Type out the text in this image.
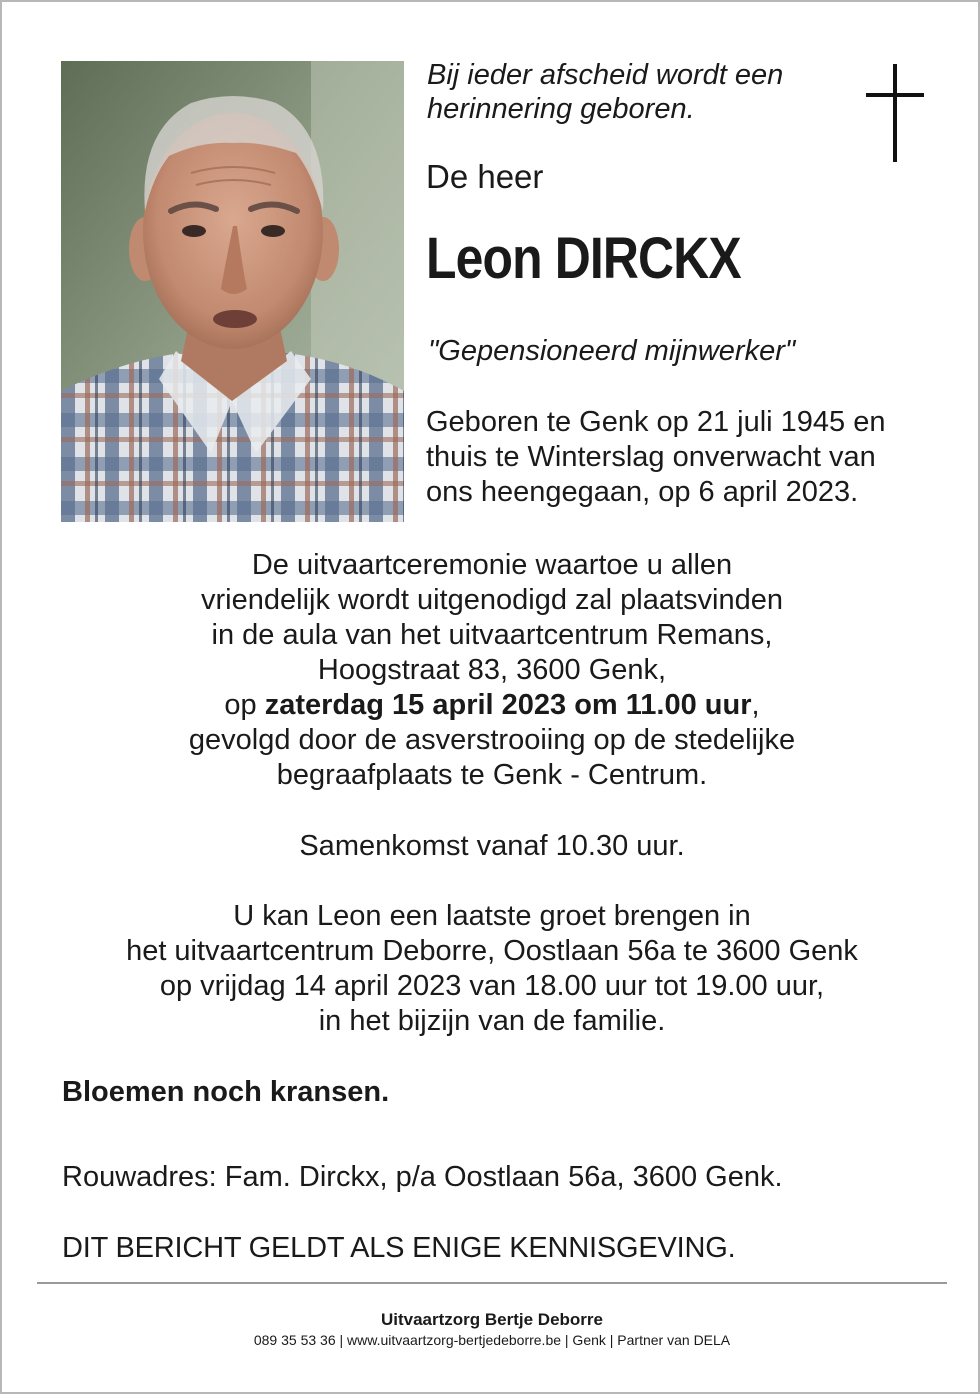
Bij ieder afscheid wordt een
herinnering geboren.
De heer
Leon DIRCKX
"Gepensioneerd mijnwerker"

Geboren te Genk op 21 juli 1945 en

thuis te Winterslag onverwacht van

ons heengegaan, op 6 april 2023.

De uitvaartceremonie waartoe u allen

vriendelijk wordt uitgenodigd zal plaatsvinden

in de aula van het uitvaartcentrum Remans,

Hoogstraat 83, 3600 Genk,

op zaterdag 15 april 2023 om 11.00 uur,

gevolgd door de asverstrooiing op de stedelijke

begraafplaats te Genk - Centrum.

Samenkomst vanaf 10.30 uur.

U kan Leon een laatste groet brengen in

het uitvaartcentrum Deborre, Oostlaan 56a te 3600 Genk

op vrijdag 14 april 2023 van 18.00 uur tot 19.00 uur,

in het bijzijn van de familie.

Bloemen noch kransen.
Rouwadres: Fam. Dirckx, p/a Oostlaan 56a, 3600 Genk.
DIT BERICHT GELDT ALS ENIGE KENNISGEVING.
Uitvaartzorg Bertje Deborre
089 35 53 36 | www.uitvaartzorg-bertjedeborre.be | Genk | Partner van DELA
